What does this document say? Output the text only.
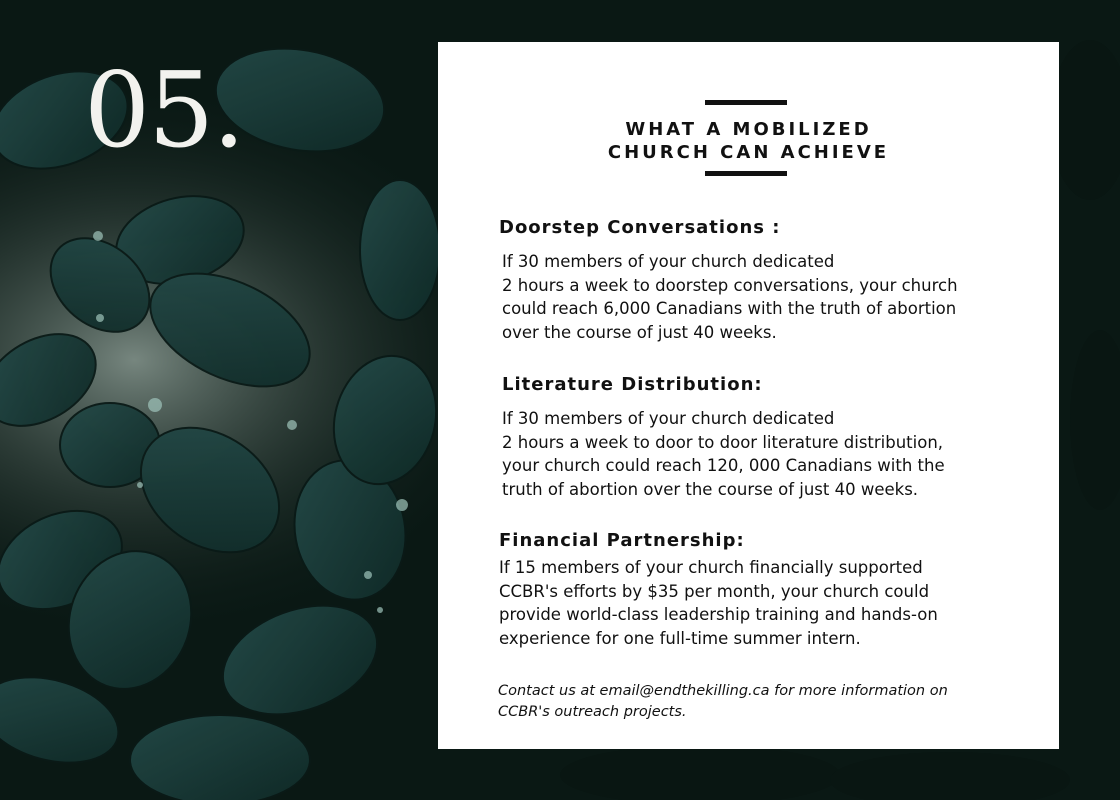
05.	WHAT A MOBILIZED
CHURCH CAN ACHIEVE
Doorstep Conversations :
If 30 members of your church dedicated
2 hours a week to doorstep conversations, your church
could reach 6,000 Canadians with the truth of abortion
over the course of just 40 weeks.
Literature Distribution:
If 30 members of your church dedicated
2 hours a week to door to door literature distribution,
your church could reach 120, 000 Canadians with the
truth of abortion over the course of just 40 weeks.
Financial Partnership:
If 15 members of your church financially supported
CCBR's efforts by $35 per month, your church could
provide world-class leadership training and hands-on
experience for one full-time summer intern.
Contact us at email@endthekilling.ca for more information on
CCBR's outreach projects.
